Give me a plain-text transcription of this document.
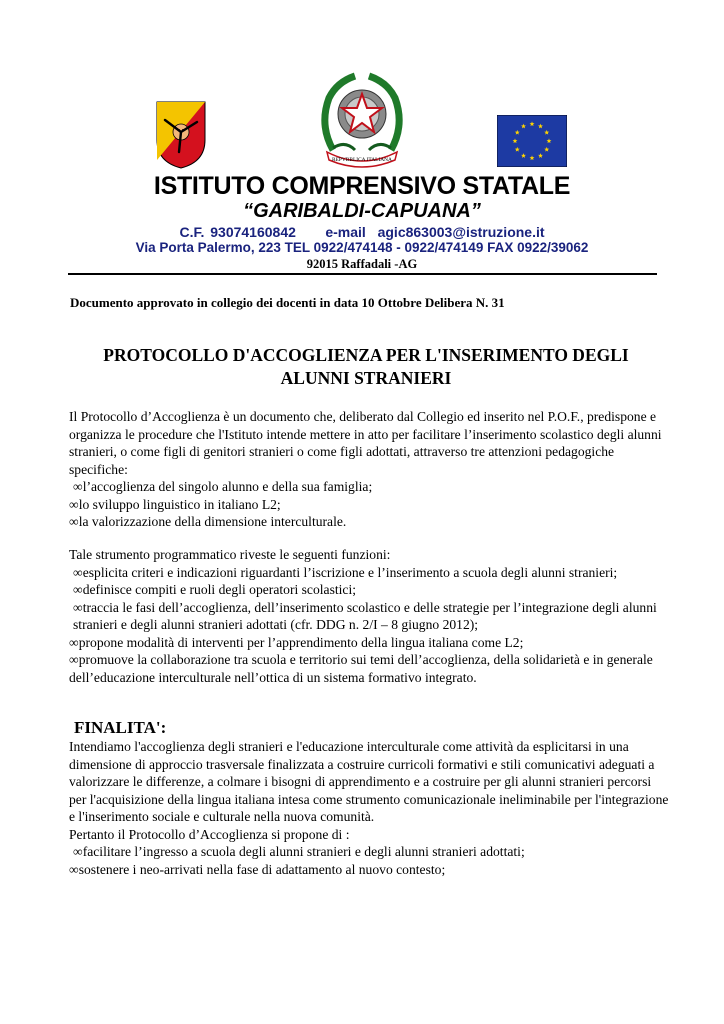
REPVBBLICA ITALIANA
ISTITUTO COMPRENSIVO STATALE
“GARIBALDI-CAPUANA”
C.F. 93074160842     e-mail  agic863003@istruzione.it
Via Porta Palermo, 223 TEL 0922/474148 - 0922/474149 FAX 0922/39062
92015 Raffadali -AG
Documento approvato in collegio dei docenti in data 10 Ottobre Delibera N. 31
PROTOCOLLO D'ACCOGLIENZA PER L'INSERIMENTO DEGLI
ALUNNI STRANIERI

Il Protocollo d’Accoglienza è un documento che, deliberato dal Collegio ed inserito nel P.O.F., predispone e organizza le procedure che l'Istituto intende mettere in atto per facilitare l’inserimento scolastico degli alunni stranieri, o come figli di genitori stranieri o come figli adottati, attraverso tre attenzioni pedagogiche specifiche:

∞ l’accoglienza del singolo alunno e della sua famiglia;

∞ lo sviluppo linguistico in italiano L2;

∞ la valorizzazione della dimensione interculturale.

Tale strumento programmatico riveste le seguenti funzioni:

∞ esplicita criteri e indicazioni riguardanti l’iscrizione e l’inserimento a scuola degli alunni stranieri;

∞ definisce compiti e ruoli degli operatori scolastici;

∞ traccia le fasi dell’accoglienza, dell’inserimento scolastico e delle strategie per l’integrazione degli alunni stranieri e degli alunni stranieri adottati (cfr. DDG n. 2/I – 8 giugno 2012);

∞ propone modalità di interventi per l’apprendimento della lingua italiana come L2;

∞ promuove la collaborazione tra scuola e territorio sui temi dell’accoglienza, della solidarietà e in generale dell’educazione interculturale nell’ottica di un sistema formativo integrato.

FINALITA':

Intendiamo l'accoglienza degli stranieri e l'educazione interculturale come attività da esplicitarsi in una dimensione di approccio trasversale finalizzata a costruire curricoli formativi e stili comunicativi adeguati a valorizzare le differenze, a colmare i bisogni di apprendimento e a costruire per gli alunni stranieri percorsi per l'acquisizione della lingua italiana intesa come strumento comunicazionale ineliminabile per l'integrazione e l'inserimento sociale e culturale nella nuova comunità.

Pertanto il Protocollo d’Accoglienza si propone di :

∞ facilitare l’ingresso a scuola degli alunni stranieri e degli alunni stranieri adottati;

∞ sostenere i neo-arrivati nella fase di adattamento al nuovo contesto;
